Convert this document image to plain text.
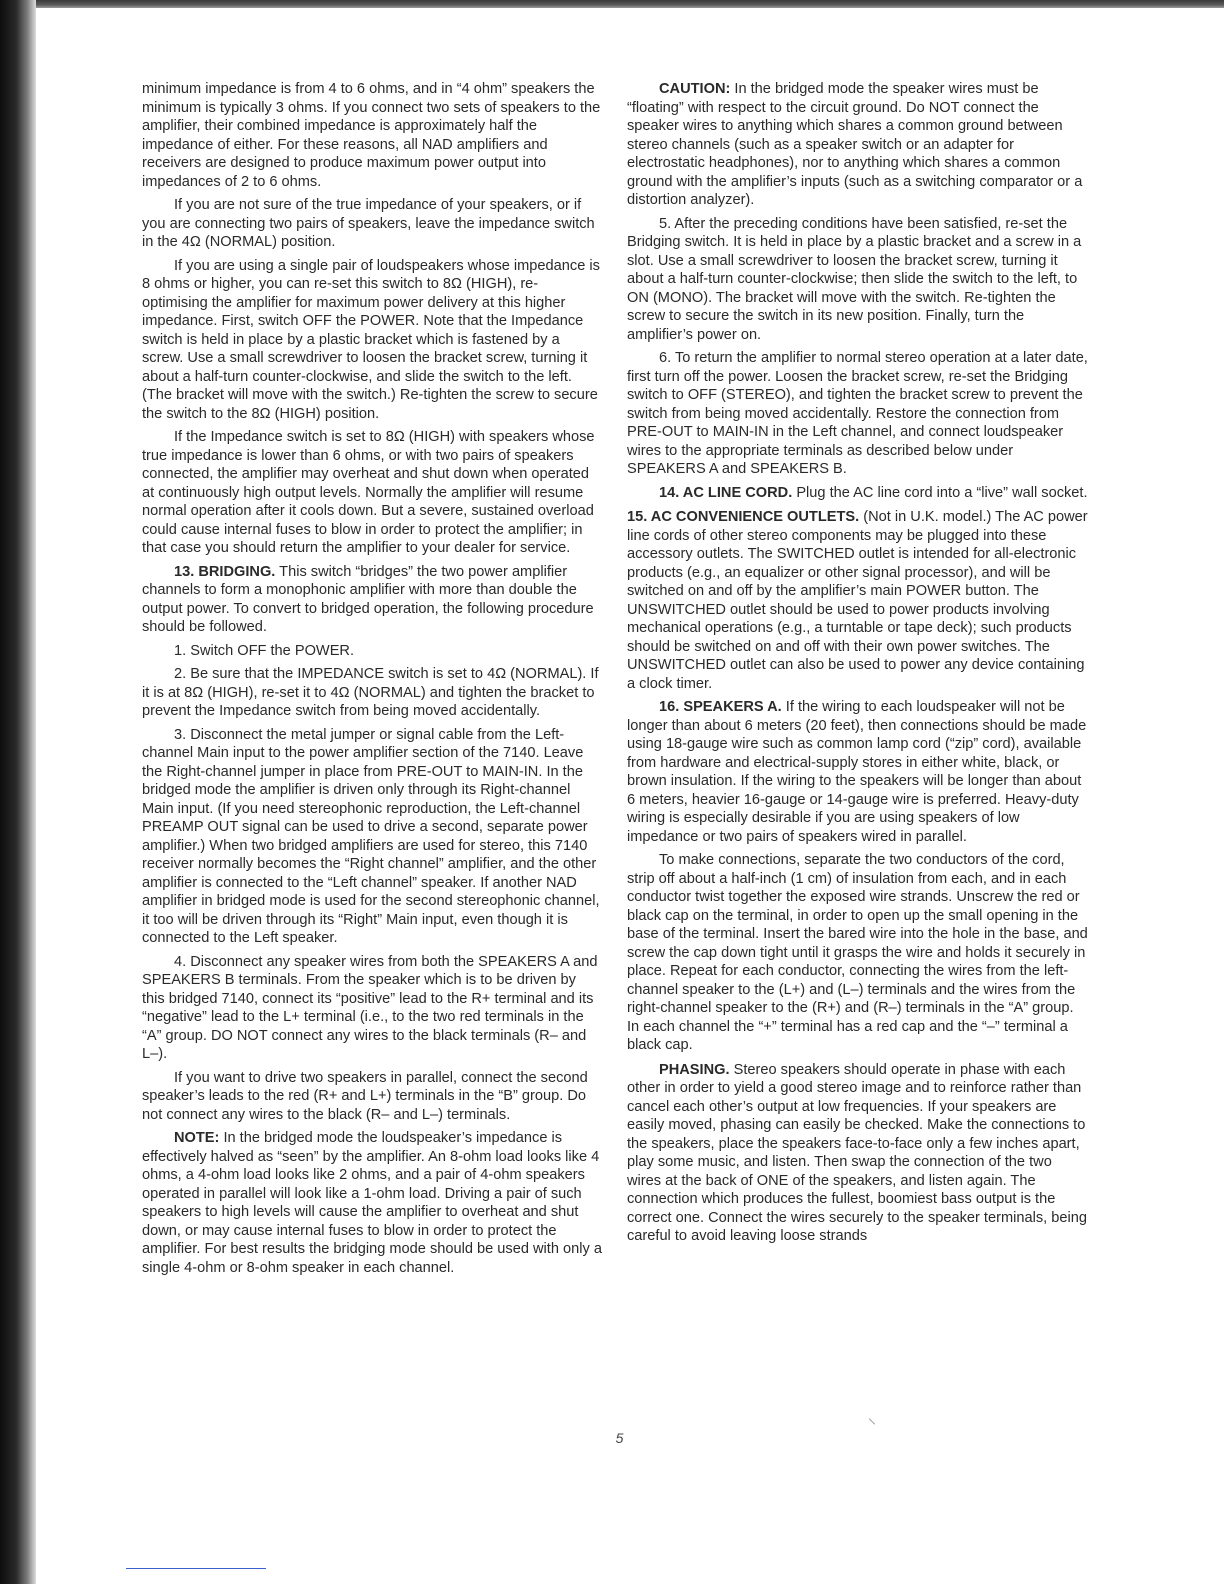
minimum impedance is from 4 to 6 ohms, and in “4 ohm” speakers the minimum is typically 3 ohms. If you connect two sets of speakers to the amplifier, their combined impedance is approximately half the impedance of either. For these reasons, all NAD amplifiers and receivers are designed to produce maximum power output into impedances of 2 to 6 ohms.

If you are not sure of the true impedance of your speakers, or if you are connecting two pairs of speakers, leave the impedance switch in the 4Ω (NORMAL) position.

If you are using a single pair of loudspeakers whose impedance is 8 ohms or higher, you can re-set this switch to 8Ω (HIGH), re-optimising the amplifier for maximum power delivery at this higher impedance. First, switch OFF the POWER. Note that the Impedance switch is held in place by a plastic bracket which is fastened by a screw. Use a small screwdriver to loosen the bracket screw, turning it about a half-turn counter-clockwise, and slide the switch to the left. (The bracket will move with the switch.) Re-tighten the screw to secure the switch to the 8Ω (HIGH) position.

If the Impedance switch is set to 8Ω (HIGH) with speakers whose true impedance is lower than 6 ohms, or with two pairs of speakers connected, the amplifier may overheat and shut down when operated at continuously high output levels. Normally the amplifier will resume normal operation after it cools down. But a severe, sustained overload could cause internal fuses to blow in order to protect the amplifier; in that case you should return the amplifier to your dealer for service.

13. BRIDGING. This switch “bridges” the two power amplifier channels to form a monophonic amplifier with more than double the output power. To convert to bridged operation, the following procedure should be followed.

1. Switch OFF the POWER.

2. Be sure that the IMPEDANCE switch is set to 4Ω (NORMAL). If it is at 8Ω (HIGH), re-set it to 4Ω (NORMAL) and tighten the bracket to prevent the Impedance switch from being moved accidentally.

3. Disconnect the metal jumper or signal cable from the Left-channel Main input to the power amplifier section of the 7140. Leave the Right-channel jumper in place from PRE-OUT to MAIN-IN. In the bridged mode the amplifier is driven only through its Right-channel Main input. (If you need stereophonic reproduction, the Left-channel PREAMP OUT signal can be used to drive a second, separate power amplifier.) When two bridged amplifiers are used for stereo, this 7140 receiver normally becomes the “Right channel” amplifier, and the other amplifier is connected to the “Left channel” speaker. If another NAD amplifier in bridged mode is used for the second stereophonic channel, it too will be driven through its “Right” Main input, even though it is connected to the Left speaker.

4. Disconnect any speaker wires from both the SPEAKERS A and SPEAKERS B terminals. From the speaker which is to be driven by this bridged 7140, connect its “positive” lead to the R+ terminal and its “negative” lead to the L+ terminal (i.e., to the two red terminals in the “A” group. DO NOT connect any wires to the black terminals (R– and L–).

If you want to drive two speakers in parallel, connect the second speaker’s leads to the red (R+ and L+) terminals in the “B” group. Do not connect any wires to the black (R– and L–) terminals.

NOTE: In the bridged mode the loudspeaker’s impedance is effectively halved as “seen” by the amplifier. An 8-ohm load looks like 4 ohms, a 4-ohm load looks like 2 ohms, and a pair of 4-ohm speakers operated in parallel will look like a 1-ohm load. Driving a pair of such speakers to high levels will cause the amplifier to overheat and shut down, or may cause internal fuses to blow in order to protect the amplifier. For best results the bridging mode should be used with only a single 4-ohm or 8-ohm speaker in each channel.

CAUTION: In the bridged mode the speaker wires must be “floating” with respect to the circuit ground. Do NOT connect the speaker wires to anything which shares a common ground between stereo channels (such as a speaker switch or an adapter for electrostatic headphones), nor to anything which shares a common ground with the amplifier’s inputs (such as a switching comparator or a distortion analyzer).

5. After the preceding conditions have been satisfied, re-set the Bridging switch. It is held in place by a plastic bracket and a screw in a slot. Use a small screwdriver to loosen the bracket screw, turning it about a half-turn counter-clockwise; then slide the switch to the left, to ON (MONO). The bracket will move with the switch. Re-tighten the screw to secure the switch in its new position. Finally, turn the amplifier’s power on.

6. To return the amplifier to normal stereo operation at a later date, first turn off the power. Loosen the bracket screw, re-set the Bridging switch to OFF (STEREO), and tighten the bracket screw to prevent the switch from being moved accidentally. Restore the connection from PRE-OUT to MAIN-IN in the Left channel, and connect loudspeaker wires to the appropriate terminals as described below under SPEAKERS A and SPEAKERS B.

14. AC LINE CORD. Plug the AC line cord into a “live” wall socket.

15. AC CONVENIENCE OUTLETS. (Not in U.K. model.) The AC power line cords of other stereo components may be plugged into these accessory outlets. The SWITCHED outlet is intended for all-electronic products (e.g., an equalizer or other signal processor), and will be switched on and off by the amplifier’s main POWER button. The UNSWITCHED outlet should be used to power products involving mechanical operations (e.g., a turntable or tape deck); such products should be switched on and off with their own power switches. The UNSWITCHED outlet can also be used to power any device containing a clock timer.

16. SPEAKERS A. If the wiring to each loudspeaker will not be longer than about 6 meters (20 feet), then connections should be made using 18-gauge wire such as common lamp cord (“zip” cord), available from hardware and electrical-supply stores in either white, black, or brown insulation. If the wiring to the speakers will be longer than about 6 meters, heavier 16-gauge or 14-gauge wire is preferred. Heavy-duty wiring is especially desirable if you are using speakers of low impedance or two pairs of speakers wired in parallel.

To make connections, separate the two conductors of the cord, strip off about a half-inch (1 cm) of insulation from each, and in each conductor twist together the exposed wire strands. Unscrew the red or black cap on the terminal, in order to open up the small opening in the base of the terminal. Insert the bared wire into the hole in the base, and screw the cap down tight until it grasps the wire and holds it securely in place. Repeat for each conductor, connecting the wires from the left-channel speaker to the (L+) and (L–) terminals and the wires from the right-channel speaker to the (R+) and (R–) terminals in the “A” group. In each channel the “+” terminal has a red cap and the “–” terminal a black cap.

PHASING. Stereo speakers should operate in phase with each other in order to yield a good stereo image and to reinforce rather than cancel each other’s output at low frequencies. If your speakers are easily moved, phasing can easily be checked. Make the connections to the speakers, place the speakers face-to-face only a few inches apart, play some music, and listen. Then swap the connection of the two wires at the back of ONE of the speakers, and listen again. The connection which produces the fullest, boomiest bass output is the correct one. Connect the wires securely to the speaker terminals, being careful to avoid leaving loose strands

5
